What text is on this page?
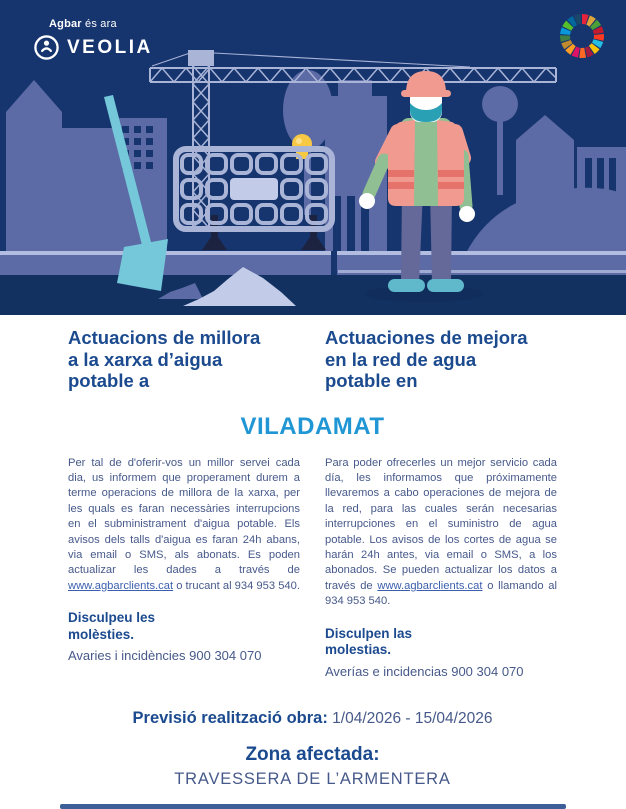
Agbar és ara
VEOLIA
Actuacions de millora
a la xarxa d’aigua
potable a
Actuaciones de mejora
en la red de agua
potable en
VILADAMAT

Per tal de d'oferir-vos un millor servei cada dia, us informem que properament durem a terme operacions de millora de la xarxa, per les quals es faran necessàries interrupcions en el subministrament d'aigua potable. Els avisos dels talls d'aigua es faran 24h abans, via email o SMS, als abonats. Es poden actualizar les dades a través de www.agbarclients.cat o trucant al 934 953 540.

Disculpeu les
molèsties.
Avaries i incidències 900 304 070

Para poder ofrecerles un mejor servicio cada día, les informamos que próximamente llevaremos a cabo operaciones de mejora de la red, para las cuales serán necesarias interrupciones en el suministro de agua potable. Los avisos de los cortes de agua se harán 24h antes, via email o SMS, a los abonados. Se pueden actualizar los datos a través de www.agbarclients.cat o llamando al 934 953 540.

Disculpen las
molestias.
Averías e incidencias 900 304 070
Previsió realització obra: 1/04/2026 - 15/04/2026
Zona afectada:
TRAVESSERA DE L’ARMENTERA
